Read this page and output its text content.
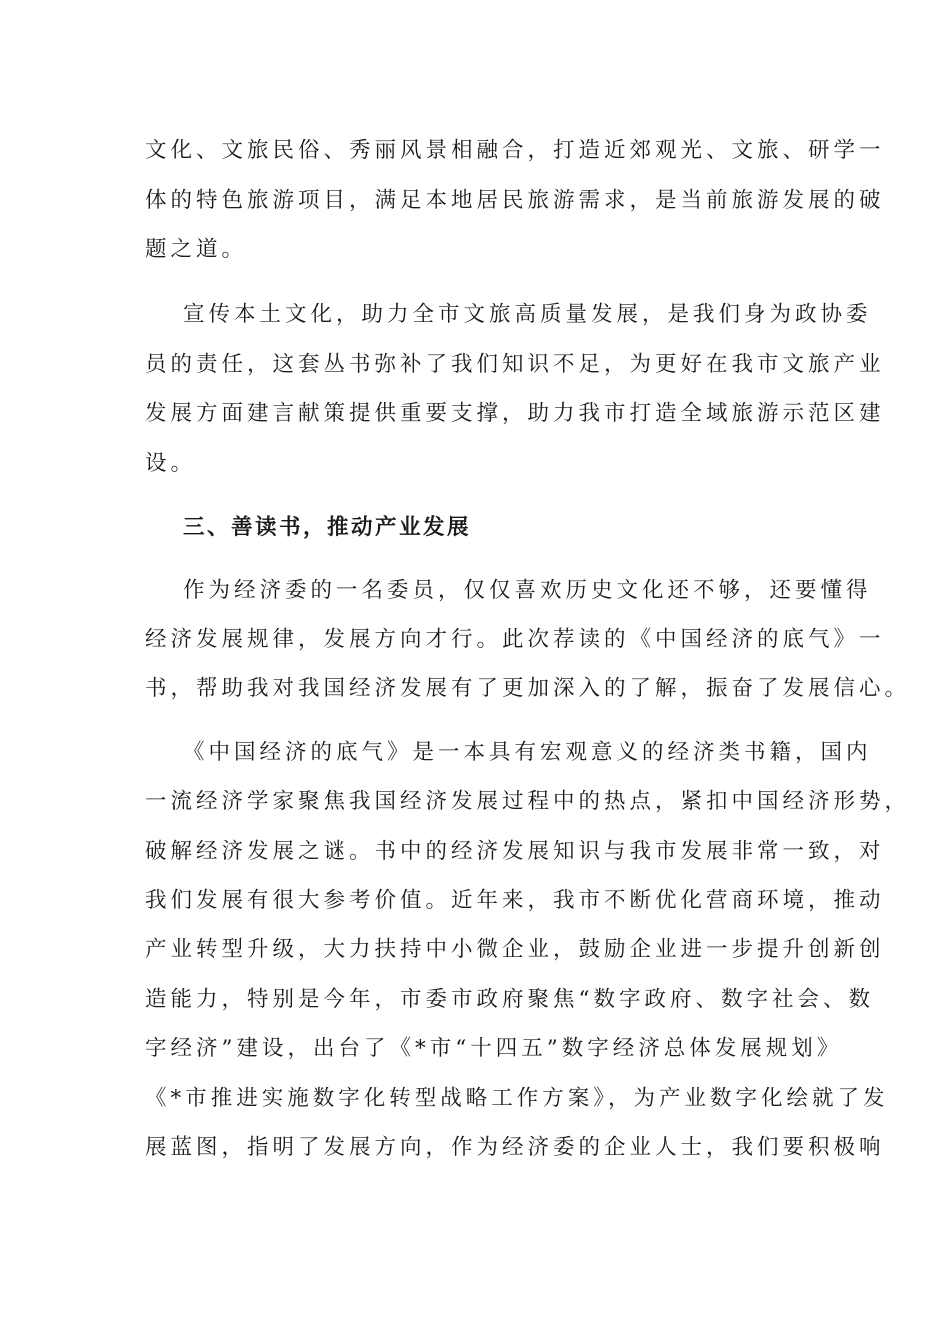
文化、文旅民俗、秀丽风景相融合，打造近郊观光、文旅、研学一
体的特色旅游项目，满足本地居民旅游需求，是当前旅游发展的破
题之道。
宣传本土文化，助力全市文旅高质量发展，是我们身为政协委
员的责任，这套丛书弥补了我们知识不足，为更好在我市文旅产业
发展方面建言献策提供重要支撑，助力我市打造全域旅游示范区建
设。
三、善读书，推动产业发展
作为经济委的一名委员，仅仅喜欢历史文化还不够，还要懂得
经济发展规律，发展方向才行。此次荐读的《中国经济的底气》一
书，帮助我对我国经济发展有了更加深入的了解，振奋了发展信心。
《中国经济的底气》是一本具有宏观意义的经济类书籍，国内
一流经济学家聚焦我国经济发展过程中的热点，紧扣中国经济形势，
破解经济发展之谜。书中的经济发展知识与我市发展非常一致，对
我们发展有很大参考价值。近年来，我市不断优化营商环境，推动
产业转型升级，大力扶持中小微企业，鼓励企业进一步提升创新创
造能力，特别是今年，市委市政府聚焦“数字政府、数字社会、数
字经济”建设，出台了《*市“十四五”数字经济总体发展规划》
《*市推进实施数字化转型战略工作方案》，为产业数字化绘就了发
展蓝图，指明了发展方向，作为经济委的企业人士，我们要积极响
